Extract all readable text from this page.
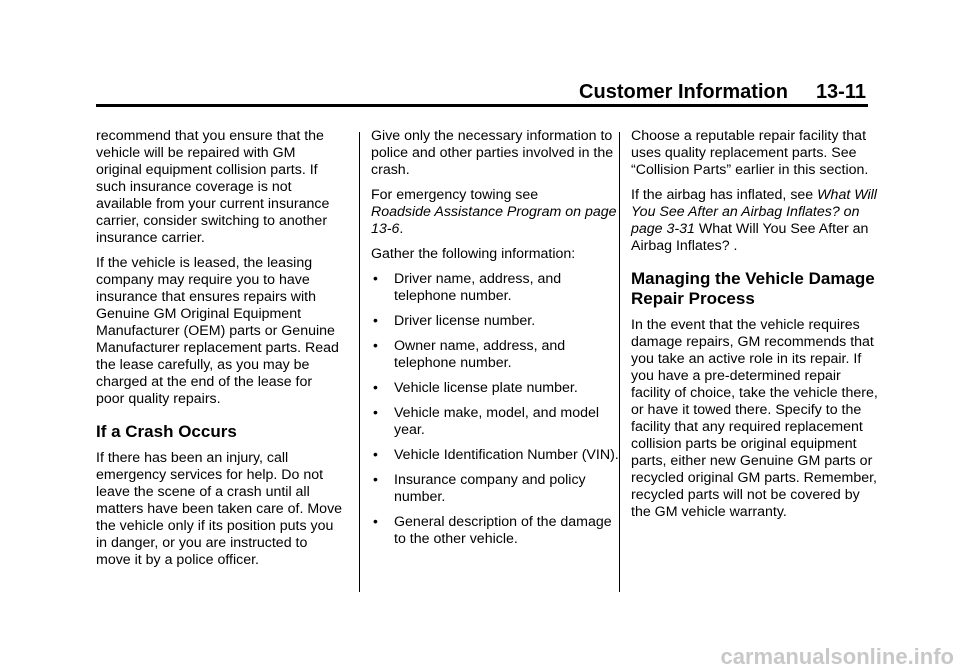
Customer Information 13-11

recommend that you ensure that the vehicle will be repaired with GM original equipment collision parts. If such insurance coverage is not available from your current insurance carrier, consider switching to another insurance carrier.

If the vehicle is leased, the leasing company may require you to have insurance that ensures repairs with Genuine GM Original Equipment Manufacturer (OEM) parts or Genuine Manufacturer replacement parts. Read the lease carefully, as you may be charged at the end of the lease for poor quality repairs.

If a Crash Occurs

If there has been an injury, call emergency services for help. Do not leave the scene of a crash until all matters have been taken care of. Move the vehicle only if its position puts you in danger, or you are instructed to move it by a police officer.

Give only the necessary information to police and other parties involved in the crash.

For emergency towing see
Roadside Assistance Program on page 13-6.

Gather the following information:

• Driver name, address, and telephone number.
• Driver license number.
• Owner name, address, and telephone number.
• Vehicle license plate number.
• Vehicle make, model, and model year.
• Vehicle Identification Number (VIN).
• Insurance company and policy number.
• General description of the damage to the other vehicle.

Choose a reputable repair facility that uses quality replacement parts. See “Collision Parts” earlier in this section.

If the airbag has inflated, see What Will You See After an Airbag Inflates? on page 3-31 What Will You See After an Airbag Inflates? .

Managing the Vehicle Damage Repair Process

In the event that the vehicle requires damage repairs, GM recommends that you take an active role in its repair. If you have a pre-determined repair facility of choice, take the vehicle there, or have it towed there. Specify to the facility that any required replacement collision parts be original equipment parts, either new Genuine GM parts or recycled original GM parts. Remember, recycled parts will not be covered by the GM vehicle warranty.

carmanualsonline.info
